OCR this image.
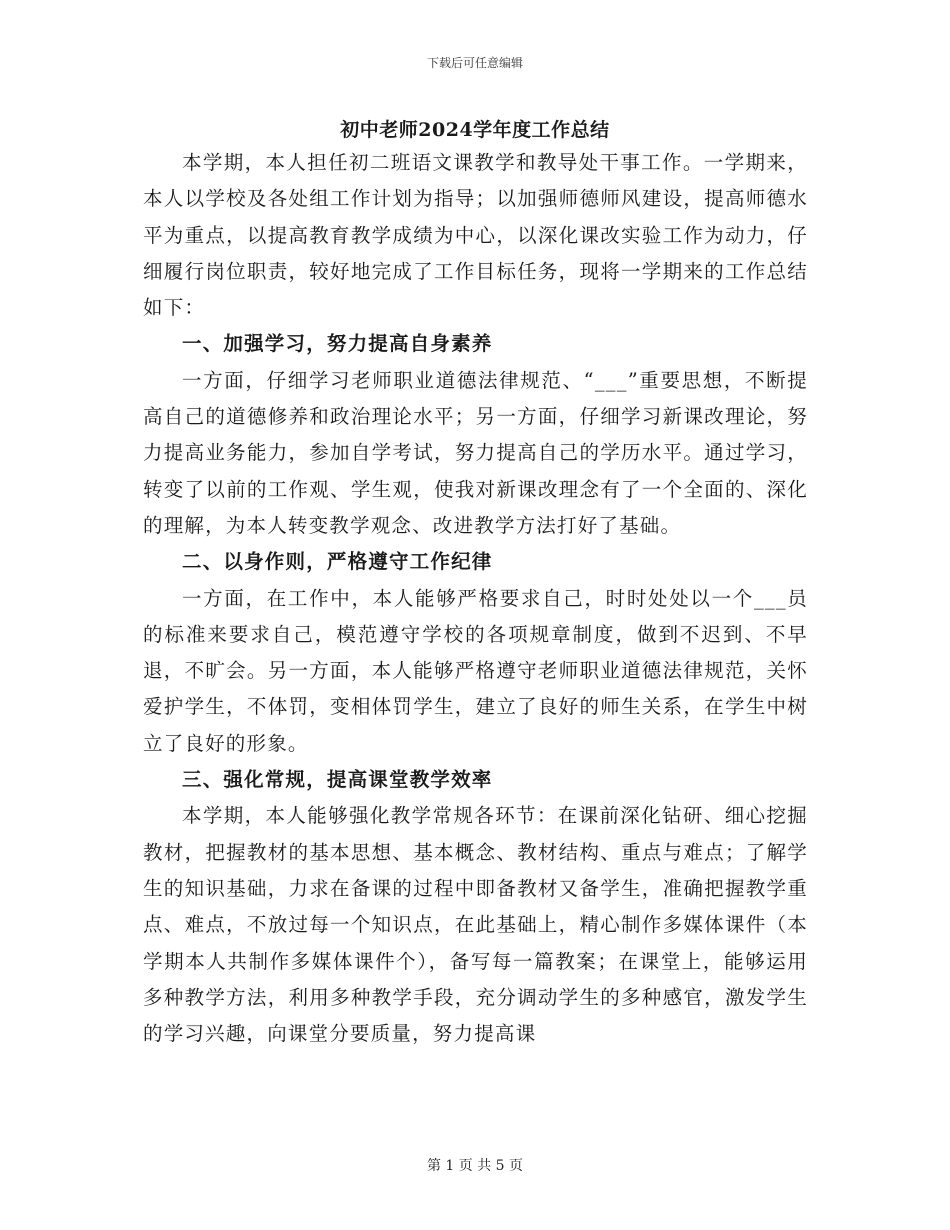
下载后可任意编辑
初中老师2024学年度工作总结

本学期，本人担任初二班语文课教学和教导处干事工作。一学期来，本人以学校及各处组工作计划为指导；以加强师德师风建设，提高师德水平为重点，以提高教育教学成绩为中心，以深化课改实验工作为动力，仔细履行岗位职责，较好地完成了工作目标任务，现将一学期来的工作总结如下：

一、加强学习，努力提高自身素养

一方面，仔细学习老师职业道德法律规范、“___”重要思想，不断提高自己的道德修养和政治理论水平；另一方面，仔细学习新课改理论，努力提高业务能力，参加自学考试，努力提高自己的学历水平。通过学习，转变了以前的工作观、学生观，使我对新课改理念有了一个全面的、深化的理解，为本人转变教学观念、改进教学方法打好了基础。

二、以身作则，严格遵守工作纪律

一方面，在工作中，本人能够严格要求自己，时时处处以一个___员的标准来要求自己，模范遵守学校的各项规章制度，做到不迟到、不早退，不旷会。另一方面，本人能够严格遵守老师职业道德法律规范，关怀爱护学生，不体罚，变相体罚学生，建立了良好的师生关系，在学生中树立了良好的形象。

三、强化常规，提高课堂教学效率

本学期，本人能够强化教学常规各环节：在课前深化钻研、细心挖掘教材，把握教材的基本思想、基本概念、教材结构、重点与难点；了解学生的知识基础，力求在备课的过程中即备教材又备学生，准确把握教学重点、难点，不放过每一个知识点，在此基础上，精心制作多媒体课件（本学期本人共制作多媒体课件个），备写每一篇教案；在课堂上，能够运用多种教学方法，利用多种教学手段，充分调动学生的多种感官，激发学生的学习兴趣，向课堂分要质量，努力提高课

第 1 页 共 5 页
